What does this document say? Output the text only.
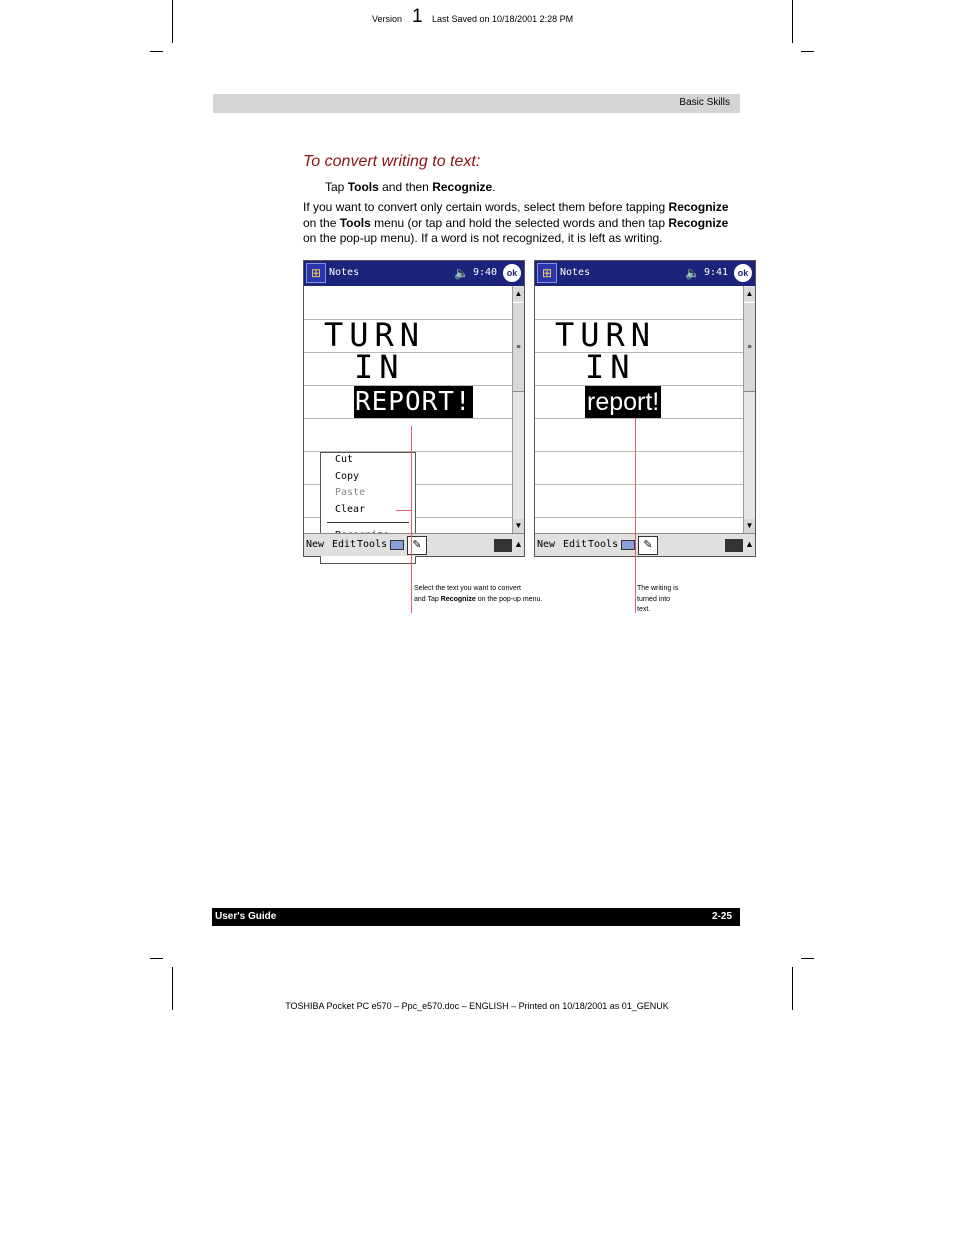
Version 1 Last Saved on 10/18/2001 2:28 PM
Basic Skills
To convert writing to text:
Tap Tools and then Recognize.
If you want to convert only certain words, select them before tapping Recognize on the Tools menu (or tap and hold the selected words and then tap Recognize on the pop-up menu). If a word is not recognized, it is left as writing.
⊞ Notes	🔈 9:40	ok
TURN
IN
REPORT!
Cut
Copy
Paste
Clear
▲
≡
▼
New Edit Tools	✎	▲
⊞ Notes	🔈 9:41	ok
TURN
IN
report!
▲
≡
▼
New Edit Tools	✎	▲
Select the text you want to convert
and Tap Recognize on the pop-up menu.
The writing is
turned into
text.
User's Guide	2-25
TOSHIBA Pocket PC e570 – Ppc_e570.doc – ENGLISH – Printed on 10/18/2001 as 01_GENUK
